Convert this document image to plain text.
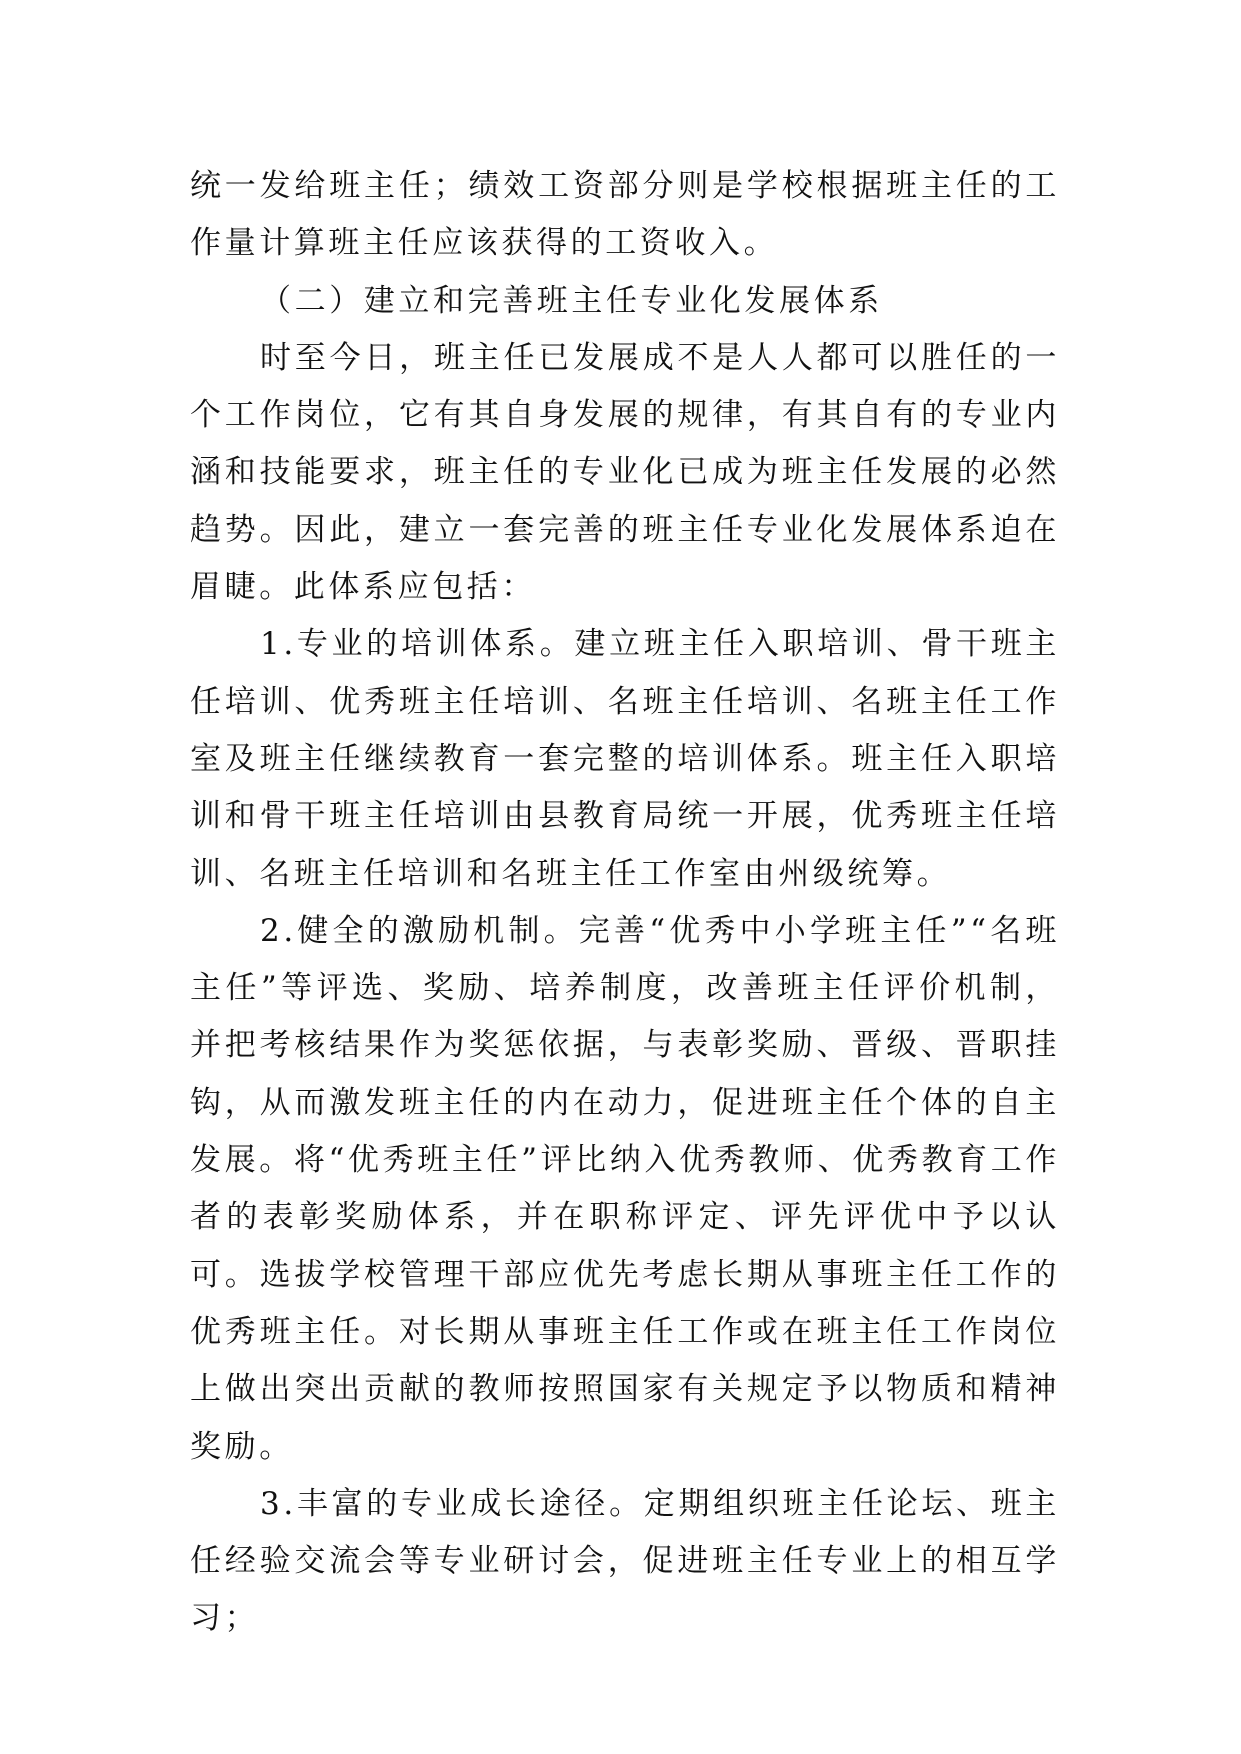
统一发给班主任；绩效工资部分则是学校根据班主任的工作量计算班主任应该获得的工资收入。

（二）建立和完善班主任专业化发展体系

时至今日，班主任已发展成不是人人都可以胜任的一个工作岗位，它有其自身发展的规律，有其自有的专业内涵和技能要求，班主任的专业化已成为班主任发展的必然趋势。因此，建立一套完善的班主任专业化发展体系迫在眉睫。此体系应包括：

1.专业的培训体系。建立班主任入职培训、骨干班主任培训、优秀班主任培训、名班主任培训、名班主任工作室及班主任继续教育一套完整的培训体系。班主任入职培训和骨干班主任培训由县教育局统一开展，优秀班主任培训、名班主任培训和名班主任工作室由州级统筹。

2.健全的激励机制。完善“优秀中小学班主任”“名班主任”等评选、奖励、培养制度，改善班主任评价机制，并把考核结果作为奖惩依据，与表彰奖励、晋级、晋职挂钩，从而激发班主任的内在动力，促进班主任个体的自主发展。将“优秀班主任”评比纳入优秀教师、优秀教育工作者的表彰奖励体系，并在职称评定、评先评优中予以认可。选拔学校管理干部应优先考虑长期从事班主任工作的优秀班主任。对长期从事班主任工作或在班主任工作岗位上做出突出贡献的教师按照国家有关规定予以物质和精神奖励。

3.丰富的专业成长途径。定期组织班主任论坛、班主任经验交流会等专业研讨会，促进班主任专业上的相互学习；
